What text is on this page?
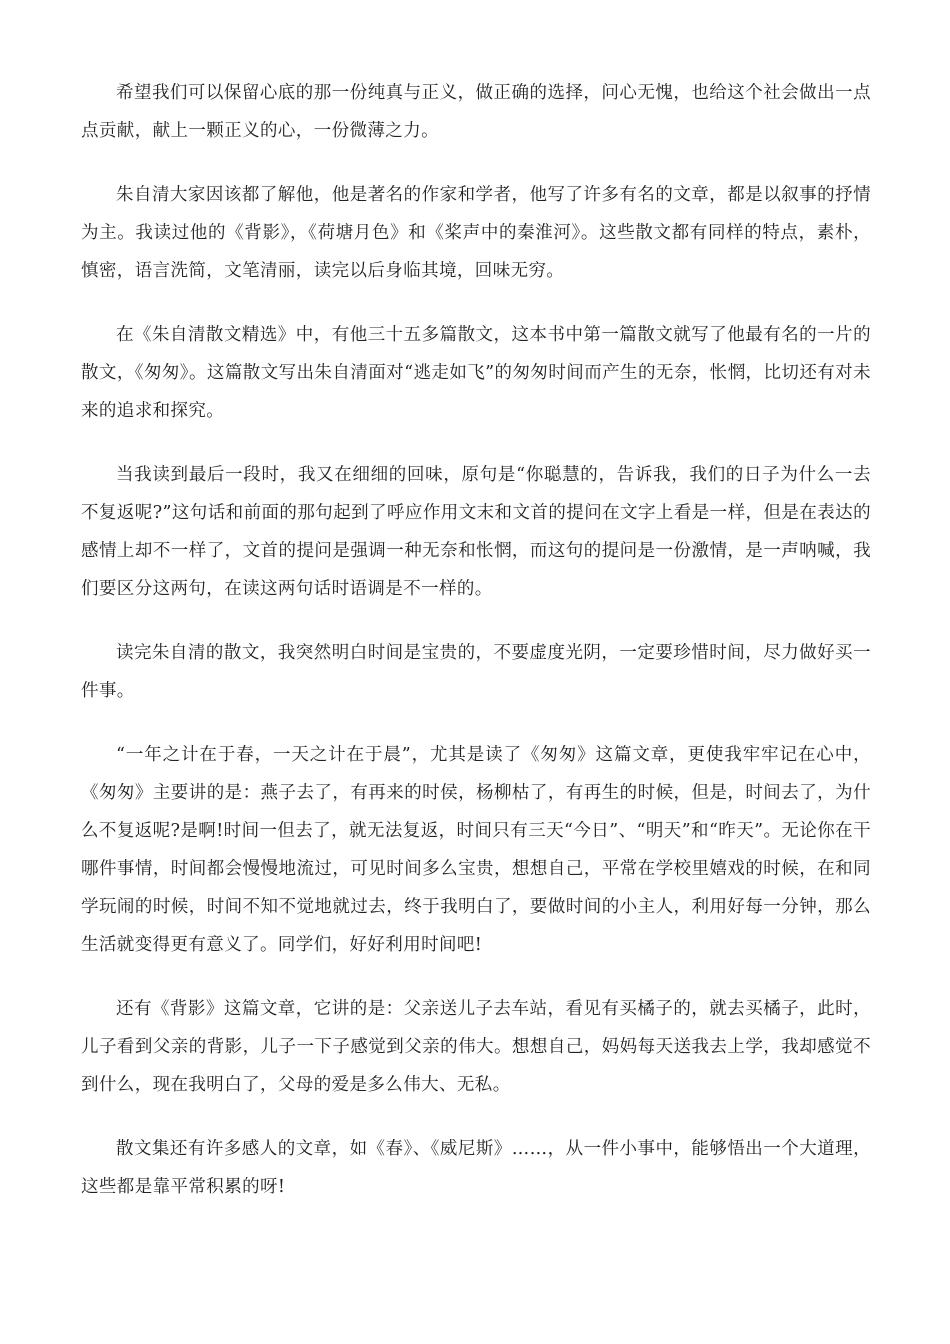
希望我们可以保留心底的那一份纯真与正义，做正确的选择，问心无愧，也给这个社会做出一点点贡献，献上一颗正义的心，一份微薄之力。

朱自清大家因该都了解他，他是著名的作家和学者，他写了许多有名的文章，都是以叙事的抒情为主。我读过他的《背影》，《荷塘月色》和《桨声中的秦淮河》。这些散文都有同样的特点，素朴，慎密，语言洗简，文笔清丽，读完以后身临其境，回味无穷。

在《朱自清散文精选》中，有他三十五多篇散文，这本书中第一篇散文就写了他最有名的一片的散文，《匆匆》。这篇散文写出朱自清面对“逃走如飞”的匆匆时间而产生的无奈，怅惘，比切还有对未来的追求和探究。

当我读到最后一段时，我又在细细的回味，原句是“你聪慧的，告诉我，我们的日子为什么一去不复返呢?”这句话和前面的那句起到了呼应作用文末和文首的提问在文字上看是一样，但是在表达的感情上却不一样了，文首的提问是强调一种无奈和怅惘，而这句的提问是一份激情，是一声呐喊，我们要区分这两句，在读这两句话时语调是不一样的。

读完朱自清的散文，我突然明白时间是宝贵的，不要虚度光阴，一定要珍惜时间，尽力做好买一件事。

“一年之计在于春，一天之计在于晨”，尤其是读了《匆匆》这篇文章，更使我牢牢记在心中，《匆匆》主要讲的是：燕子去了，有再来的时侯，杨柳枯了，有再生的时候，但是，时间去了，为什么不复返呢?是啊!时间一但去了，就无法复返，时间只有三天“今日”、“明天”和“昨天”。无论你在干哪件事情，时间都会慢慢地流过，可见时间多么宝贵，想想自己，平常在学校里嬉戏的时候，在和同学玩闹的时候，时间不知不觉地就过去，终于我明白了，要做时间的小主人，利用好每一分钟，那么生活就变得更有意义了。同学们，好好利用时间吧!

还有《背影》这篇文章，它讲的是：父亲送儿子去车站，看见有买橘子的，就去买橘子，此时，儿子看到父亲的背影，儿子一下子感觉到父亲的伟大。想想自己，妈妈每天送我去上学，我却感觉不到什么，现在我明白了，父母的爱是多么伟大、无私。

散文集还有许多感人的文章，如《春》、《威尼斯》……，从一件小事中，能够悟出一个大道理，这些都是靠平常积累的呀!
